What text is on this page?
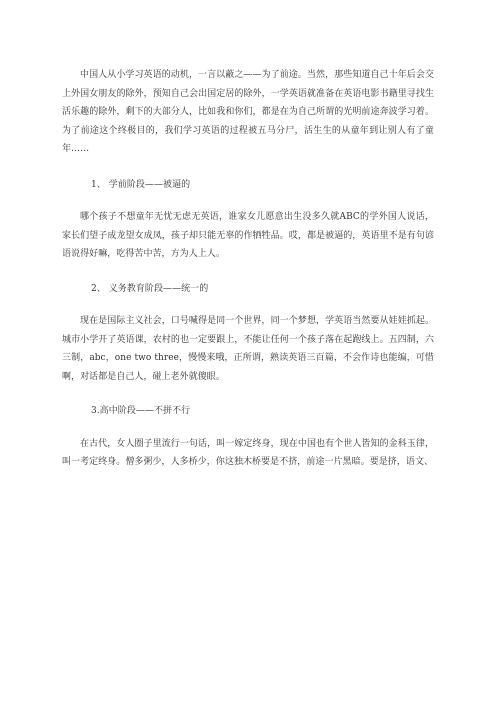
中国人从小学习英语的动机，一言以蔽之——为了前途。当然，那些知道自己十年后会交上外国女朋友的除外，预知自己会出国定居的除外，一学英语就准备在英语电影书籍里寻找生活乐趣的除外，剩下的大部分人，比如我和你们，都是在为自己所谓的光明前途奔波学习着。为了前途这个终极目的，我们学习英语的过程被五马分尸，活生生的从童年到让别人有了童年……

1、 学前阶段——被逼的

哪个孩子不想童年无忧无虑无英语，谁家女儿愿意出生没多久就ABC的学外国人说话，家长们望子成龙望女成凤，孩子却只能无辜的作牺牲品。哎，都是被逼的，英语里不是有句谚语说得好嘛，吃得苦中苦，方为人上人。

2、 义务教育阶段——统一的

现在是国际主义社会，口号喊得是同一个世界，同一个梦想，学英语当然要从娃娃抓起。城市小学开了英语课，农村的也一定要跟上，不能让任何一个孩子落在起跑线上。五四制，六三制，abc，one two three，慢慢来哦，正所谓，熟读英语三百篇，不会作诗也能编，可惜啊，对话都是自己人，碰上老外就傻眼。

3.高中阶段——不拼不行

在古代，女人圈子里流行一句话，叫一嫁定终身，现在中国也有个世人皆知的金科玉律，叫一考定终身。僧多粥少，人多桥少，你这独木桥要是不挤，前途一片黑暗。要是挤，语文、
